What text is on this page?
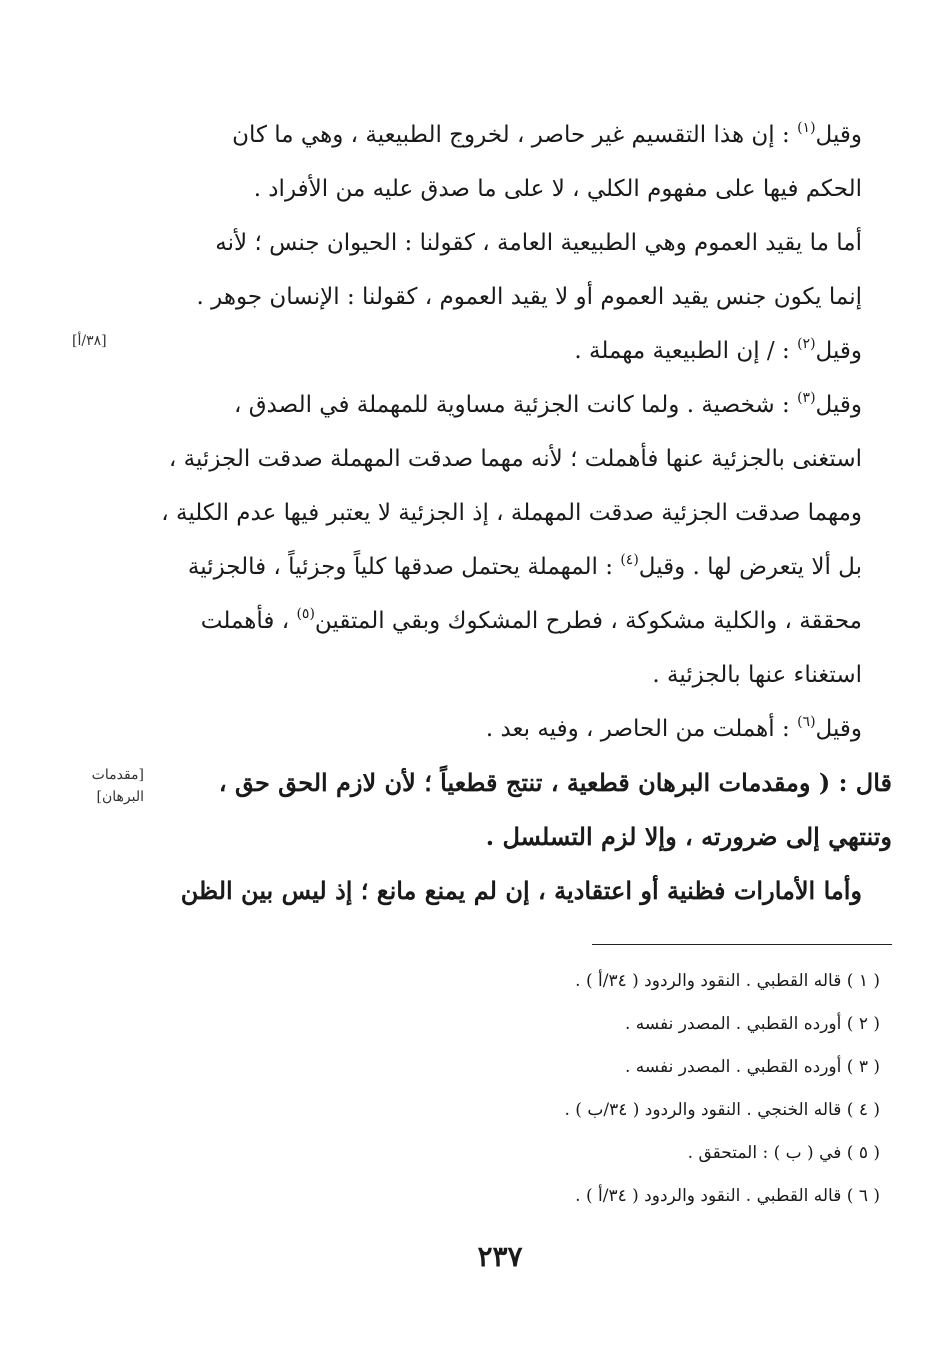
[٣٨/أ]
[مقدمات
البرهان]

وقيل$^{(١)}$ : إن هذا التقسيم غير حاصر ، لخروج الطبيعية ، وهي ما كان
الحكم فيها على مفهوم الكلي ، لا على ما صدق عليه من الأفراد .

أما ما يقيد العموم وهي الطبيعية العامة ، كقولنا : الحيوان جنس ؛ لأنه
إنما يكون جنس يقيد العموم أو لا يقيد العموم ، كقولنا : الإنسان جوهر .

وقيل$^{(٢)}$ : / إن الطبيعية مهملة .

وقيل$^{(٣)}$ : شخصية . ولما كانت الجزئية مساوية للمهملة في الصدق ،
استغنى بالجزئية عنها فأهملت ؛ لأنه مهما صدقت المهملة صدقت الجزئية ،
ومهما صدقت الجزئية صدقت المهملة ، إذ الجزئية لا يعتبر فيها عدم الكلية ،
بل ألا يتعرض لها . وقيل$^{(٤)}$ : المهملة يحتمل صدقها كلياً وجزئياً ، فالجزئية
محققة ، والكلية مشكوكة ، فطرح المشكوك وبقي المتقين$^{(٥)}$ ، فأهملت
استغناء عنها بالجزئية .

وقيل$^{(٦)}$ : أهملت من الحاصر ، وفيه بعد .

قال : ( ومقدمات البرهان قطعية ، تنتج قطعياً ؛ لأن لازم الحق حق ،
وتنتهي إلى ضرورته ، وإلا لزم التسلسل .

وأما الأمارات فظنية أو اعتقادية ، إن لم يمنع مانع ؛ إذ ليس بين الظن

( ١ ) قاله القطبي . النقود والردود ( ٣٤/أ ) .
( ٢ ) أورده القطبي . المصدر نفسه .
( ٣ ) أورده القطبي . المصدر نفسه .
( ٤ ) قاله الخنجي . النقود والردود ( ٣٤/ب ) .
( ٥ ) في ( ب ) : المتحقق .
( ٦ ) قاله القطبي . النقود والردود ( ٣٤/أ ) .
٢٣٧
